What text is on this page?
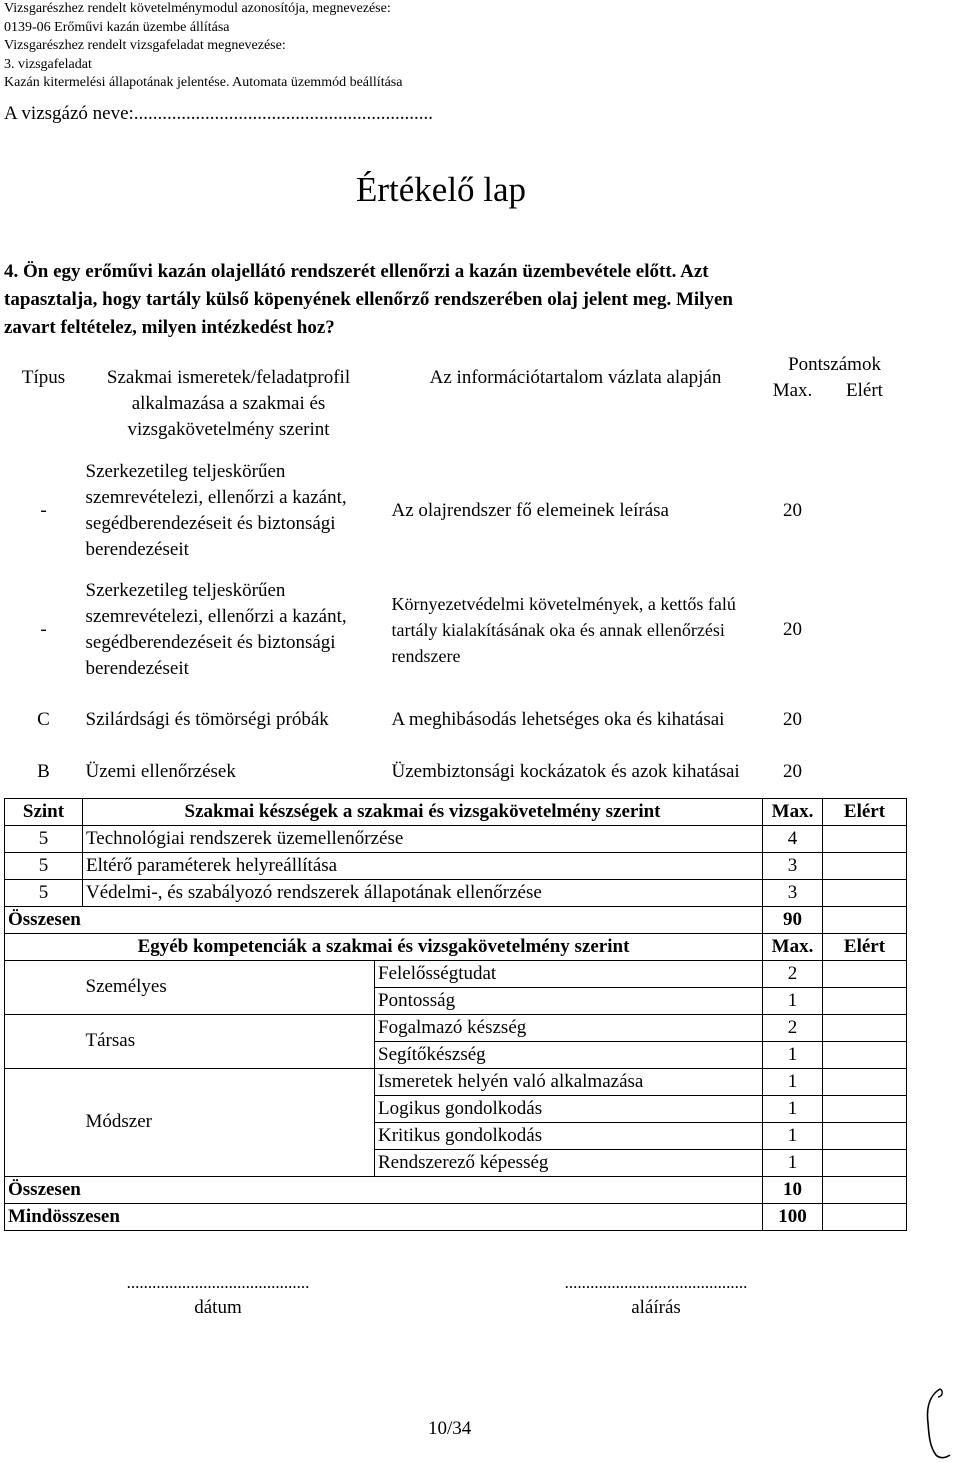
Vizsgarészhez rendelt követelménymodul azonosítója, megnevezése:
0139-06 Erőművi kazán üzembe állítása
Vizsgarészhez rendelt vizsgafeladat megnevezése:
3. vizsgafeladat
Kazán kitermelési állapotának jelentése. Automata üzemmód beállítása
A vizsgázó neve:...............................................................
Értékelő lap
4. Ön egy erőművi kazán olajellátó rendszerét ellenőrzi a kazán üzembevétele előtt. Azt
tapasztalja, hogy tartály külső köpenyének ellenőrző rendszerében olaj jelent meg. Milyen
zavart feltételez, milyen intézkedést hoz?
Típus	Szakmai ismeretek/feladatprofil alkalmazása a szakmai és vizsgakövetelmény szerint		Az információtartalom vázlata alapján	Pontszámok	
				Max.	Elért

-	Szerkezetileg teljeskörűen szemrevételezi, ellenőrzi a kazánt, segédberendezéseit és biztonsági berendezéseit		Az olajrendszer fő elemeinek leírása	20	
-	Szerkezetileg teljeskörűen szemrevételezi, ellenőrzi a kazánt, segédberendezéseit és biztonsági berendezéseit		Környezetvédelmi követelmények, a kettős falú tartály kialakításának oka és annak ellenőrzési rendszere	20	
C	Szilárdsági és tömörségi próbák		A meghibásodás lehetséges oka és kihatásai	20	
B	Üzemi ellenőrzések		Üzembiztonsági kockázatok és azok kihatásai	20	
Szint	Szakmai készségek a szakmai és vizsgakövetelmény szerint			Max.	Elért
5	Technológiai rendszerek üzemellenőrzése			4	
5	Eltérő paraméterek helyreállítása			3	
5	Védelmi-, és szabályozó rendszerek állapotának ellenőrzése			3	
Összesen				90	
Egyéb kompetenciák a szakmai és vizsgakövetelmény szerint				Max.	Elért
	Személyes	Felelősségtudat		2	
		Pontosság		1	
	Társas	Fogalmazó készség		2	
		Segítőkészség		1	
	Módszer	Ismeretek helyén való alkalmazása		1	
		Logikus gondolkodás		1	
		Kritikus gondolkodás		1	
		Rendszerező képesség		1	
Összesen				10	
Mindösszesen				100	
...........................................
dátum
...........................................
aláírás
10/34
